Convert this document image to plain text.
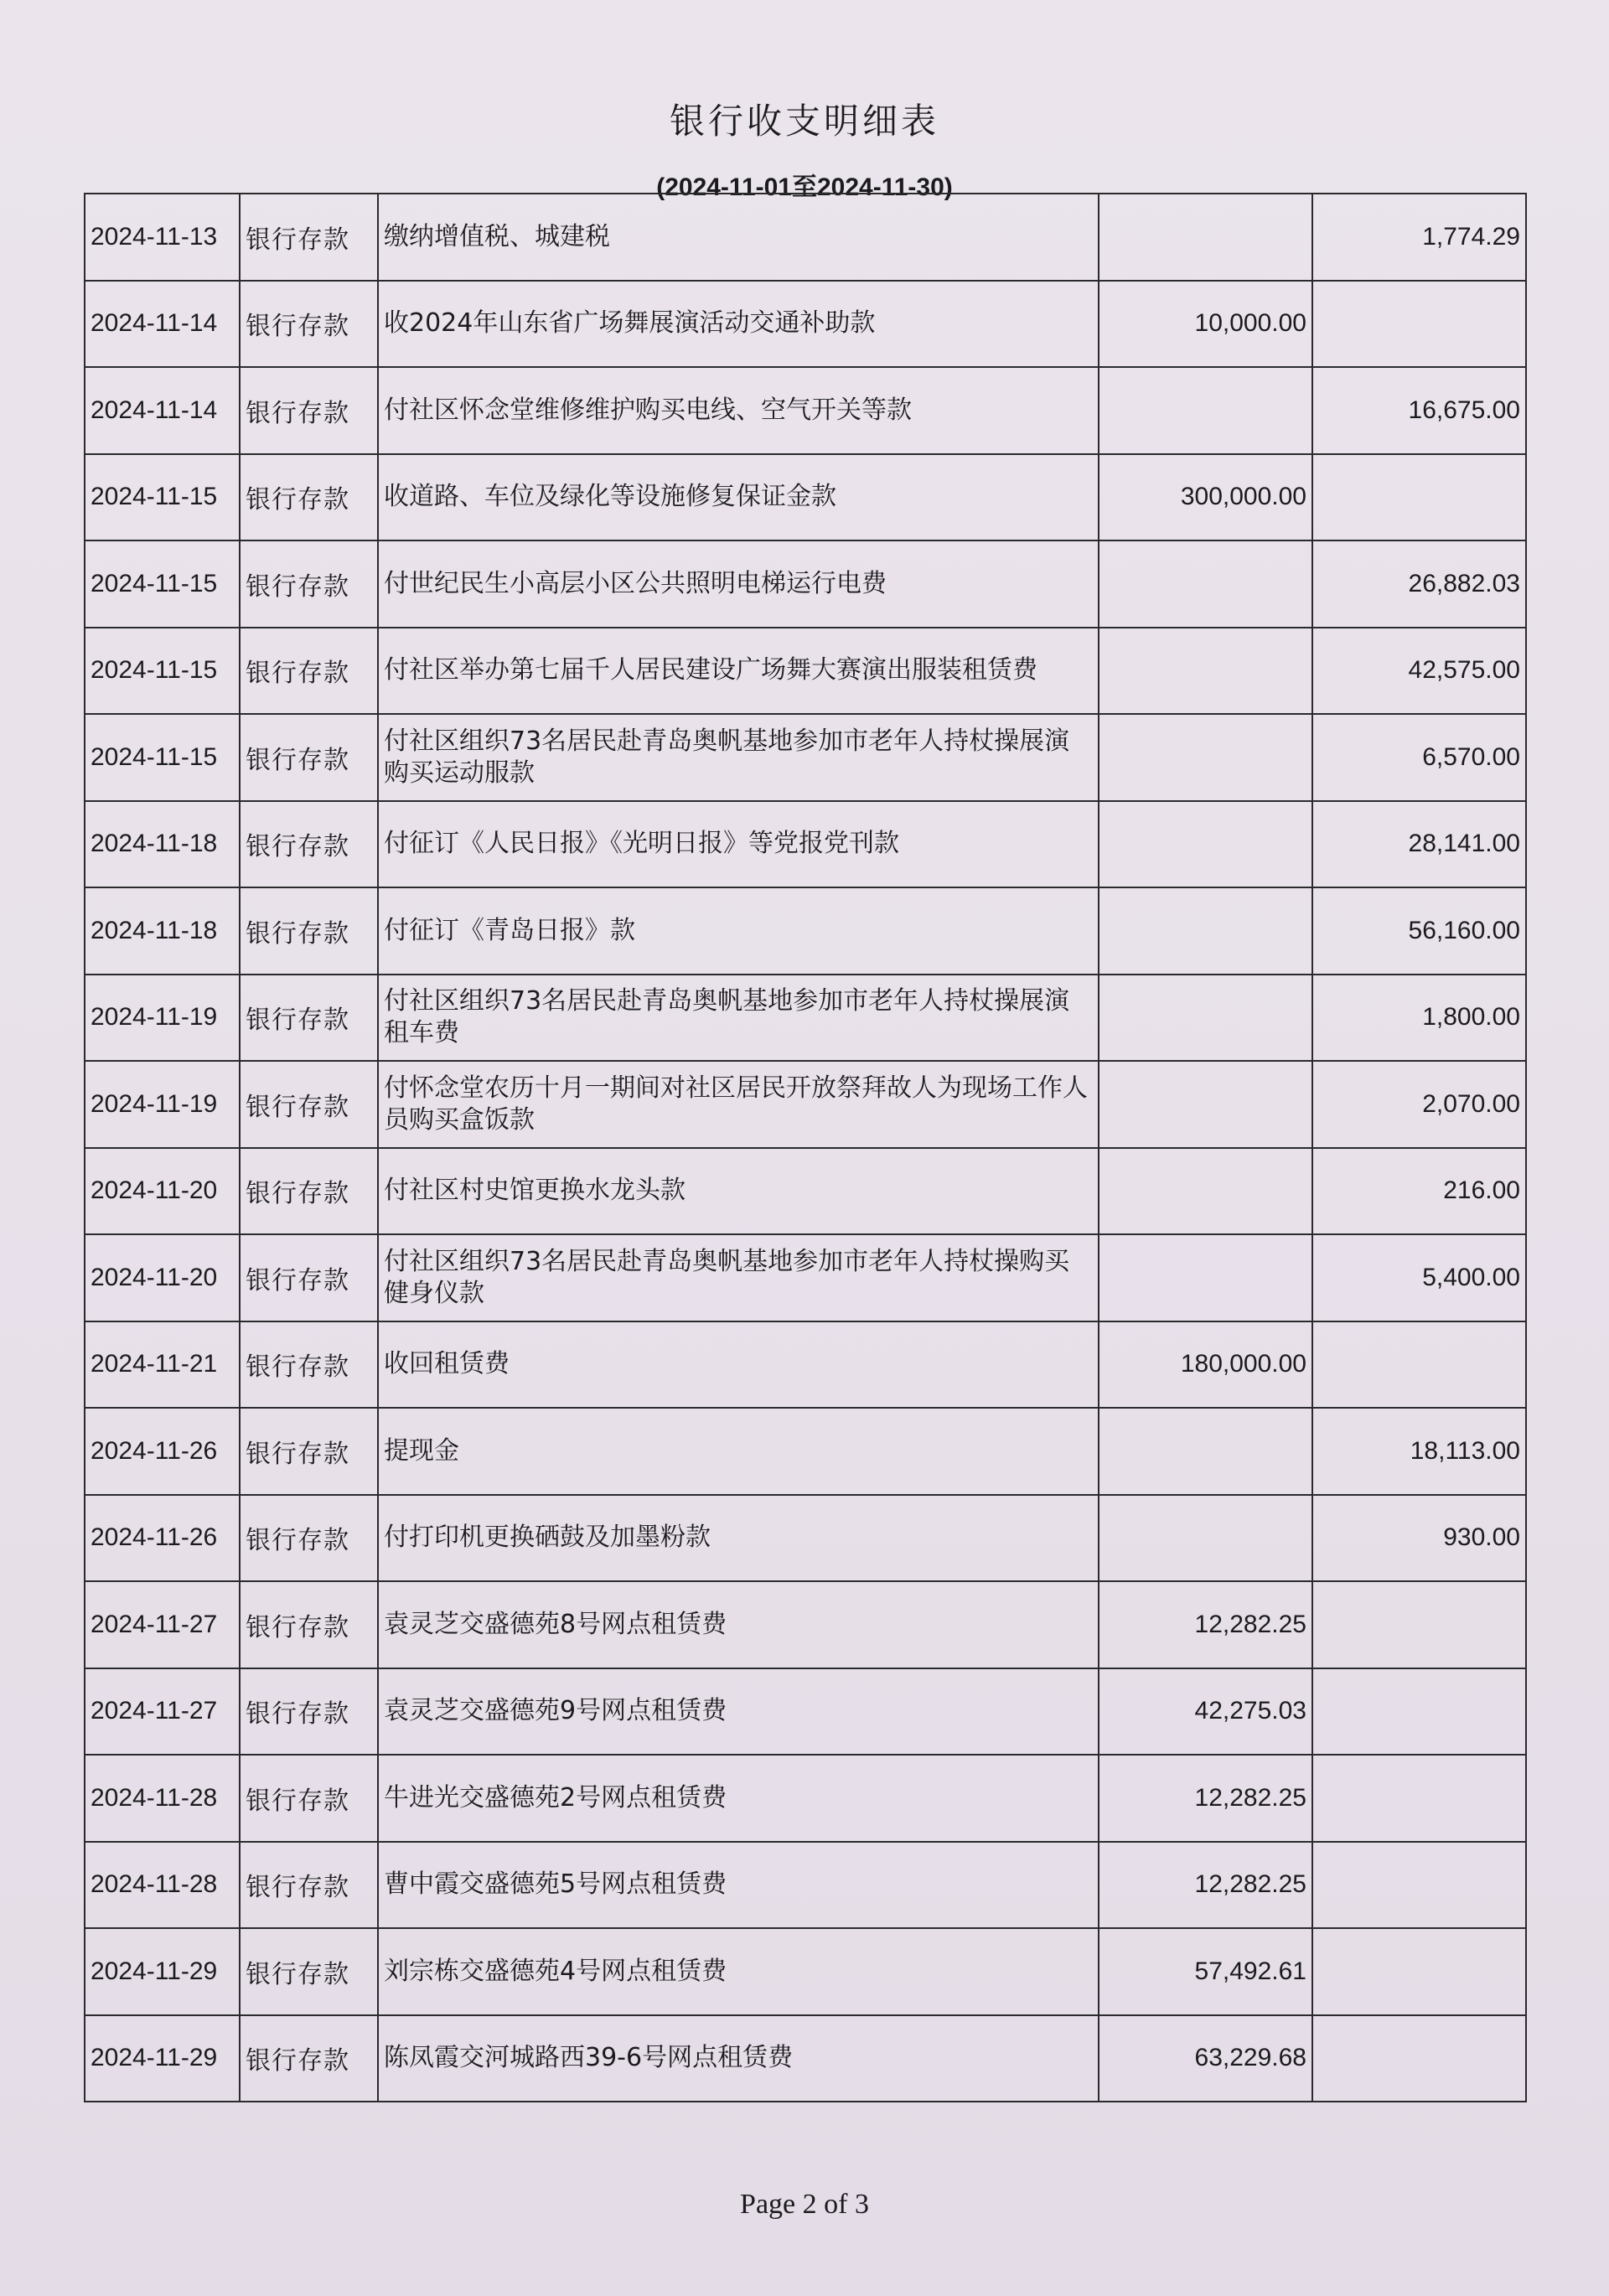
银行收支明细表
(2024-11-01至2024-11-30)
2024-11-13	银行存款	缴纳增值税、城建税		1,774.29
2024-11-14	银行存款	收2024年山东省广场舞展演活动交通补助款	10,000.00	
2024-11-14	银行存款	付社区怀念堂维修维护购买电线、空气开关等款		16,675.00
2024-11-15	银行存款	收道路、车位及绿化等设施修复保证金款	300,000.00	
2024-11-15	银行存款	付世纪民生小高层小区公共照明电梯运行电费		26,882.03
2024-11-15	银行存款	付社区举办第七届千人居民建设广场舞大赛演出服装租赁费		42,575.00
2024-11-15	银行存款	付社区组织73名居民赴青岛奥帆基地参加市老年人持杖操展演购买运动服款		6,570.00
2024-11-18	银行存款	付征订《人民日报》《光明日报》等党报党刊款		28,141.00
2024-11-18	银行存款	付征订《青岛日报》款		56,160.00
2024-11-19	银行存款	付社区组织73名居民赴青岛奥帆基地参加市老年人持杖操展演租车费		1,800.00
2024-11-19	银行存款	付怀念堂农历十月一期间对社区居民开放祭拜故人为现场工作人员购买盒饭款		2,070.00
2024-11-20	银行存款	付社区村史馆更换水龙头款		216.00
2024-11-20	银行存款	付社区组织73名居民赴青岛奥帆基地参加市老年人持杖操购买健身仪款		5,400.00
2024-11-21	银行存款	收回租赁费	180,000.00	
2024-11-26	银行存款	提现金		18,113.00
2024-11-26	银行存款	付打印机更换硒鼓及加墨粉款		930.00
2024-11-27	银行存款	袁灵芝交盛德苑8号网点租赁费	12,282.25	
2024-11-27	银行存款	袁灵芝交盛德苑9号网点租赁费	42,275.03	
2024-11-28	银行存款	牛进光交盛德苑2号网点租赁费	12,282.25	
2024-11-28	银行存款	曹中霞交盛德苑5号网点租赁费	12,282.25	
2024-11-29	银行存款	刘宗栋交盛德苑4号网点租赁费	57,492.61	
2024-11-29	银行存款	陈凤霞交河城路西39-6号网点租赁费	63,229.68	
Page 2 of 3
